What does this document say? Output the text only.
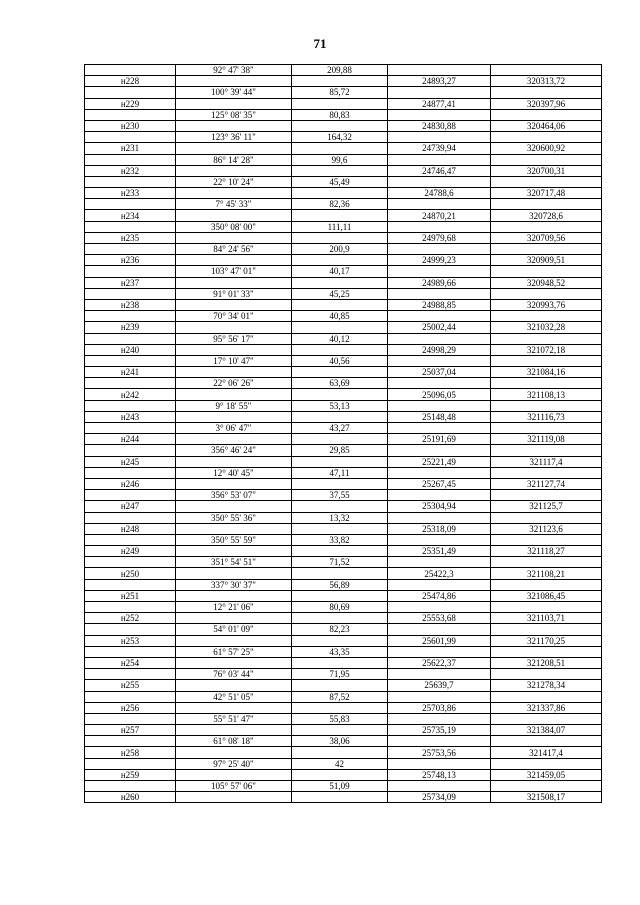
71
	92° 47' 38"	209,88		
н228			24893,27	320313,72
	100° 39' 44"	85,72		
н229			24877,41	320397,96
	125° 08' 35"	80,83		
н230			24830,88	320464,06
	123° 36' 11"	164,32		
н231			24739,94	320600,92
	86° 14' 28"	99,6		
н232			24746,47	320700,31
	22° 10' 24"	45,49		
н233			24788,6	320717,48
	7° 45' 33"	82,36		
н234			24870,21	320728,6
	350° 08' 00"	111,11		
н235			24979,68	320709,56
	84° 24' 56"	200,9		
н236			24999,23	320909,51
	103° 47' 01"	40,17		
н237			24989,66	320948,52
	91° 01' 33"	45,25		
н238			24988,85	320993,76
	70° 34' 01"	40,85		
н239			25002,44	321032,28
	95° 56' 17"	40,12		
н240			24998,29	321072,18
	17° 10' 47"	40,56		
н241			25037,04	321084,16
	22° 06' 26"	63,69		
н242			25096,05	321108,13
	9° 18' 55"	53,13		
н243			25148,48	321116,73
	3° 06' 47"	43,27		
н244			25191,69	321119,08
	356° 46' 24"	29,85		
н245			25221,49	321117,4
	12° 40' 45"	47,11		
н246			25267,45	321127,74
	356° 53' 07"	37,55		
н247			25304,94	321125,7
	350° 55' 36"	13,32		
н248			25318,09	321123,6
	350° 55' 59"	33,82		
н249			25351,49	321118,27
	351° 54' 51"	71,52		
н250			25422,3	321108,21
	337° 30' 37"	56,89		
н251			25474,86	321086,45
	12° 21' 06"	80,69		
н252			25553,68	321103,71
	54° 01' 09"	82,23		
н253			25601,99	321170,25
	61° 57' 25"	43,35		
н254			25622,37	321208,51
	76° 03' 44"	71,95		
н255			25639,7	321278,34
	42° 51' 05"	87,52		
н256			25703,86	321337,86
	55° 51' 47"	55,83		
н257			25735,19	321384,07
	61° 08' 18"	38,06		
н258			25753,56	321417,4
	97° 25' 40"	42		
н259			25748,13	321459,05
	105° 57' 06"	51,09		
н260			25734,09	321508,17
